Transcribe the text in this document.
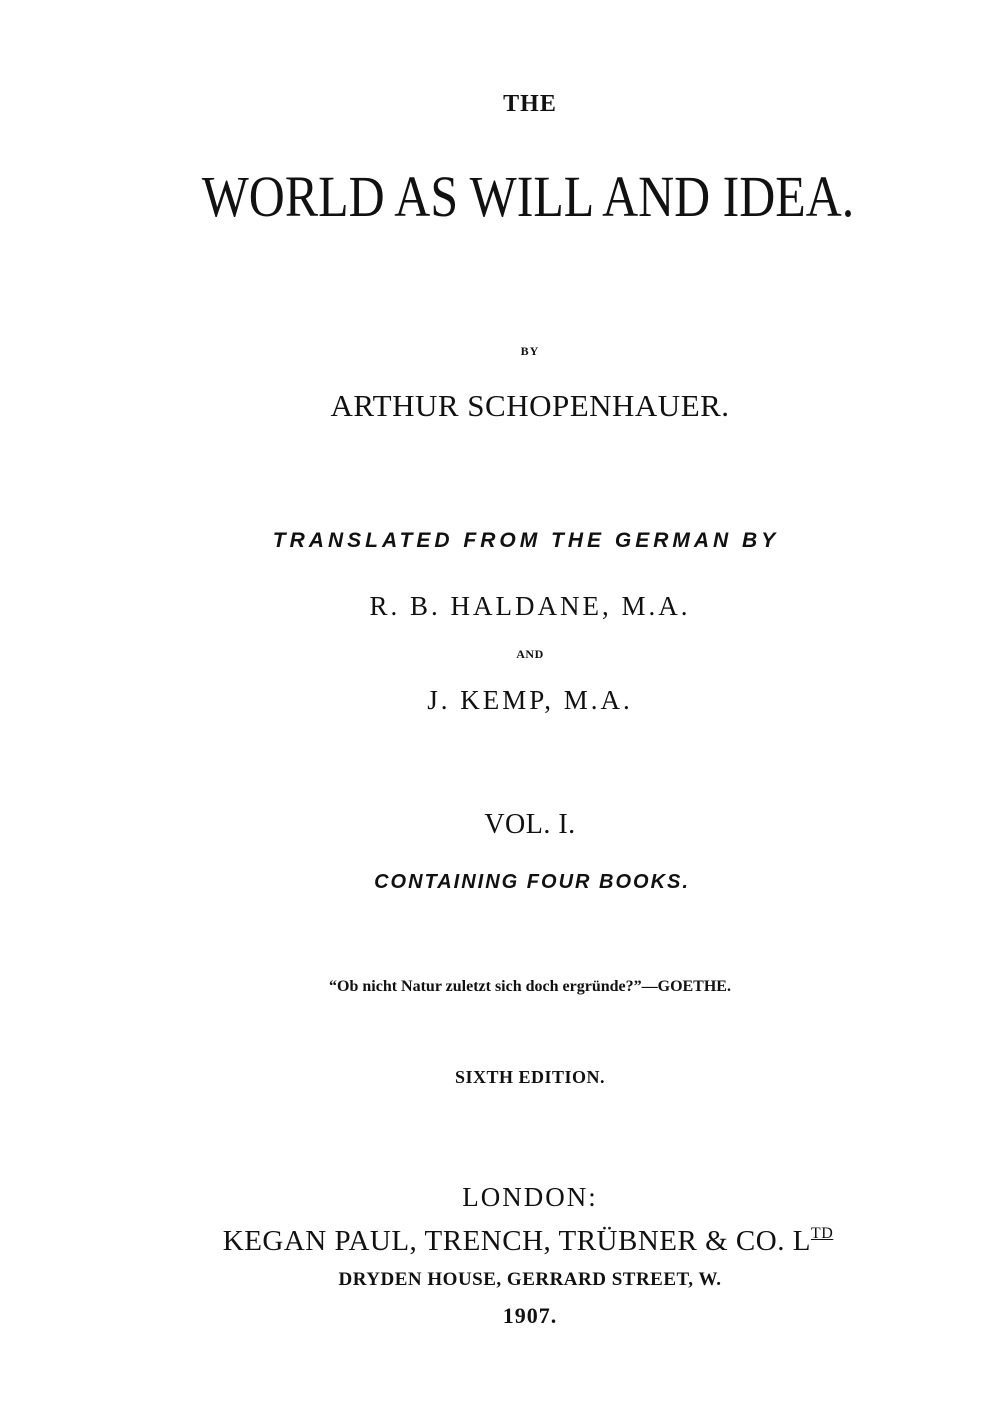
THE
WORLD AS WILL AND IDEA.
BY
ARTHUR SCHOPENHAUER.
TRANSLATED FROM THE GERMAN BY
R. B. HALDANE, M.A.
AND
J. KEMP, M.A.
VOL. I.
CONTAINING FOUR BOOKS.
“Ob nicht Natur zuletzt sich doch ergründe?”—GOETHE.
SIXTH EDITION.
LONDON:
KEGAN PAUL, TRENCH, TRÜBNER & CO. $L^{TD}$
DRYDEN HOUSE, GERRARD STREET, W.
1907.
